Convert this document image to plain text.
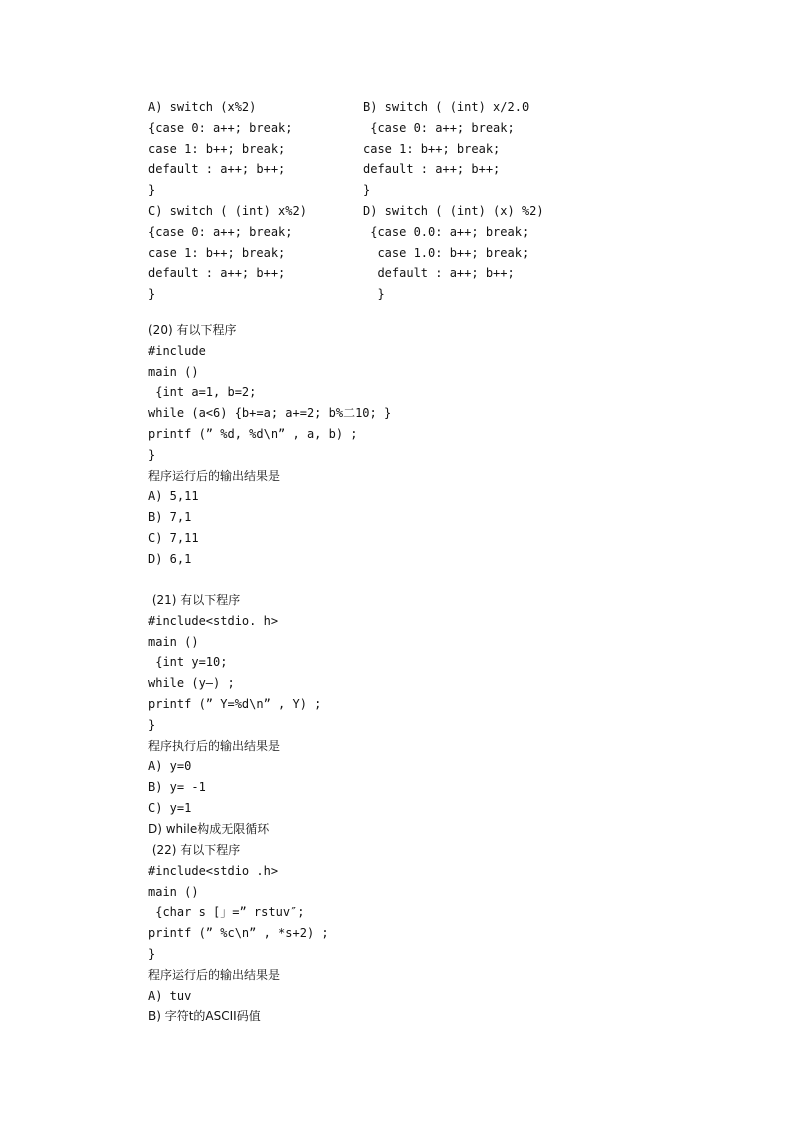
A) switch (x%2)	B) switch ( (int) x/2.0
{case 0: a++; break;	{case 0: a++; break;
case 1: b++; break;	case 1: b++; break;
default : a++; b++;	default : a++; b++;
}	}
C) switch ( (int) x%2)	D) switch ( (int) (x) %2)
{case 0: a++; break;	{case 0.0: a++; break;
case 1: b++; break;	case 1.0: b++; break;
default : a++; b++;	default : a++; b++;
}	}
(20) 有以下程序
#include
main ()
{int a=1, b=2;
while (a<6) {b+=a; a+=2; b%二10; }
printf (” %d, %d\n” , a, b) ;
}
程序运行后的输出结果是
A) 5,11
B) 7,1
C) 7,11
D) 6,1
(21) 有以下程序
#include<stdio. h>
main ()
{int y=10;
while (y—) ;
printf (” Y=%d\n” , Y) ;
}
程序执行后的输出结果是
A) y=0
B) y= -1
C) y=1
D) while构成无限循环
(22) 有以下程序
#include<stdio .h>
main ()
{char s [」=” rstuv″;
printf (” %c\n” , *s+2) ;
}
程序运行后的输出结果是
A) tuv
B) 字符t的ASCII码值
